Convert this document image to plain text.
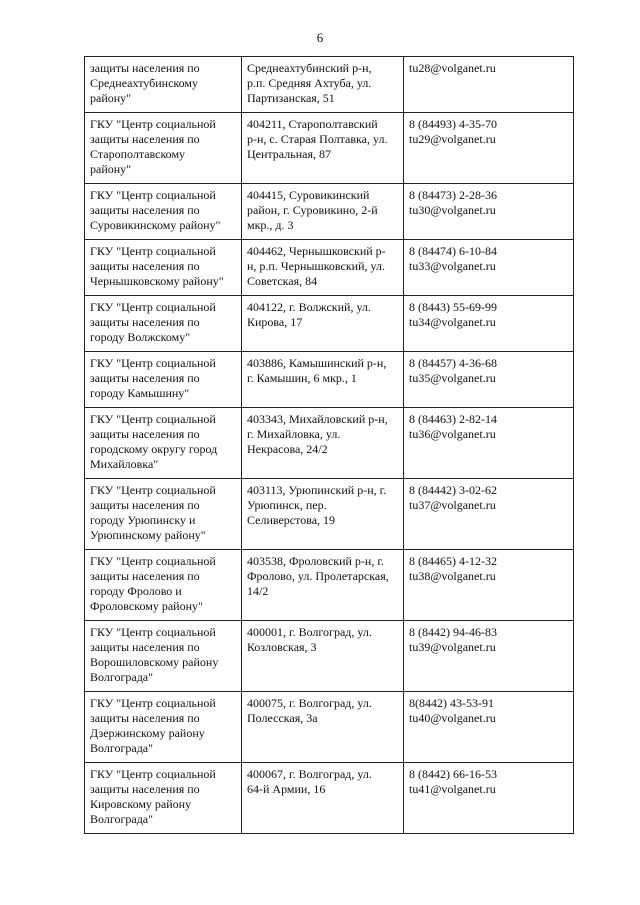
6
защиты населения по
Среднеахтубинскому
району"	Среднеахтубинский р-н,
р.п. Средняя Ахтуба, ул.
Партизанская, 51	tu28@volganet.ru

ГКУ "Центр социальной
защиты населения по
Старополтавскому
району"	404211, Старополтавский
р-н, с. Старая Полтавка, ул.
Центральная, 87	8 (84493) 4-35-70
tu29@volganet.ru

ГКУ "Центр социальной
защиты населения по
Суровикинскому району"	404415, Суровикинский
район, г. Суровикино, 2-й
мкр., д. 3	8 (84473) 2-28-36
tu30@volganet.ru

ГКУ "Центр социальной
защиты населения по
Чернышковскому району"	404462, Чернышковский р-
н, р.п. Чернышковский, ул.
Советская, 84	8 (84474) 6-10-84
tu33@volganet.ru

ГКУ "Центр социальной
защиты населения по
городу Волжскому"	404122, г. Волжский, ул.
Кирова, 17	8 (8443) 55-69-99
tu34@volganet.ru

ГКУ "Центр социальной
защиты населения по
городу Камышину"	403886, Камышинский р-н,
г. Камышин, 6 мкр., 1	8 (84457) 4-36-68
tu35@volganet.ru

ГКУ "Центр социальной
защиты населения по
городскому округу город
Михайловка"	403343, Михайловский р-н,
г. Михайловка, ул.
Некрасова, 24/2	8 (84463) 2-82-14
tu36@volganet.ru

ГКУ "Центр социальной
защиты населения по
городу Урюпинску и
Урюпинскому району"	403113, Урюпинский р-н, г.
Урюпинск, пер.
Селиверстова, 19	8 (84442) 3-02-62
tu37@volganet.ru

ГКУ "Центр социальной
защиты населения по
городу Фролово и
Фроловскому району"	403538, Фроловский р-н, г.
Фролово, ул. Пролетарская,
14/2	8 (84465) 4-12-32
tu38@volganet.ru

ГКУ "Центр социальной
защиты населения по
Ворошиловскому району
Волгограда"	400001, г. Волгоград, ул.
Козловская, 3	8 (8442) 94-46-83
tu39@volganet.ru

ГКУ "Центр социальной
защиты населения по
Дзержинскому району
Волгограда"	400075, г. Волгоград, ул.
Полесская, 3а	8(8442) 43-53-91
tu40@volganet.ru

ГКУ "Центр социальной
защиты населения по
Кировскому району
Волгограда"	400067, г. Волгоград, ул.
64-й Армии, 16	8 (8442) 66-16-53
tu41@volganet.ru
